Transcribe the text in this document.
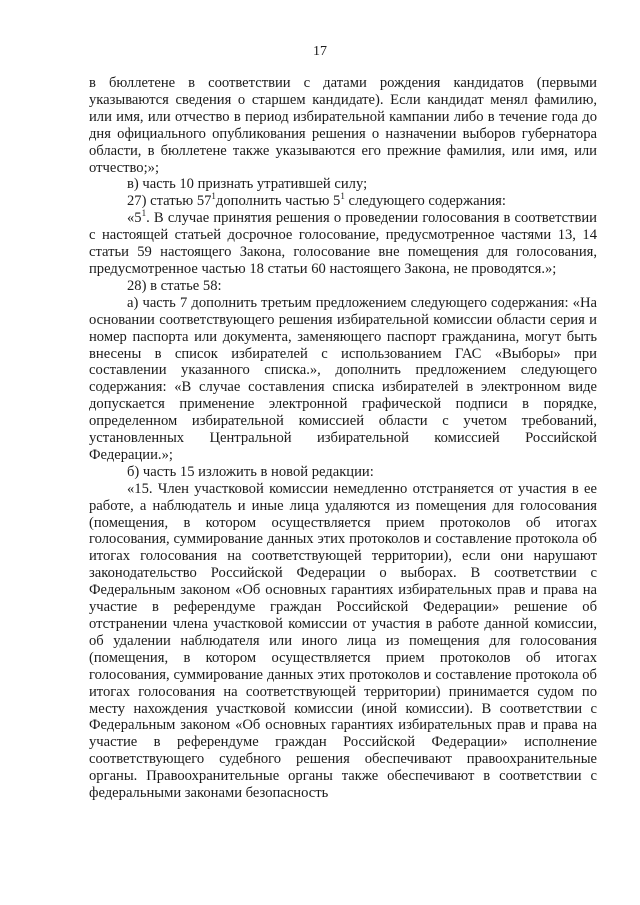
17

в бюллетене в соответствии с датами рождения кандидатов (первыми указываются сведения о старшем кандидате). Если кандидат менял фамилию, или имя, или отчество в период избирательной кампании либо в течение года до дня официального опубликования решения о назначении выборов губернатора области, в бюллетене также указываются его прежние фамилия, или имя, или отчество;»;

в) часть 10 признать утратившей силу;

27) статью $57^1дополнить$ частью $5^1$ следующего содержания:

«$5^1$. В случае принятия решения о проведении голосования в соответствии с настоящей статьей досрочное голосование, предусмотренное частями 13, 14 статьи 59 настоящего Закона, голосование вне помещения для голосования, предусмотренное частью 18 статьи 60 настоящего Закона, не проводятся.»;

28) в статье 58:

а) часть 7 дополнить третьим предложением следующего содержания: «На основании соответствующего решения избирательной комиссии области серия и номер паспорта или документа, заменяющего паспорт гражданина, могут быть внесены в список избирателей с использованием ГАС «Выборы» при составлении указанного списка.», дополнить предложением следующего содержания: «В случае составления списка избирателей в электронном виде допускается применение электронной графической подписи в порядке, определенном избирательной комиссией области с учетом требований, установленных Центральной избирательной комиссией Российской Федерации.»;

б) часть 15 изложить в новой редакции:

«15. Член участковой комиссии немедленно отстраняется от участия в ее работе, а наблюдатель и иные лица удаляются из помещения для голосования (помещения, в котором осуществляется прием протоколов об итогах голосования, суммирование данных этих протоколов и составление протокола об итогах голосования на соответствующей территории), если они нарушают законодательство Российской Федерации о выборах. В соответствии с Федеральным законом «Об основных гарантиях избирательных прав и права на участие в референдуме граждан Российской Федерации» решение об отстранении члена участковой комиссии от участия в работе данной комиссии, об удалении наблюдателя или иного лица из помещения для голосования (помещения, в котором осуществляется прием протоколов об итогах голосования, суммирование данных этих протоколов и составление протокола об итогах голосования на соответствующей территории) принимается судом по месту нахождения участковой комиссии (иной комиссии). В соответствии с Федеральным законом «Об основных гарантиях избирательных прав и права на участие в референдуме граждан Российской Федерации» исполнение соответствующего судебного решения обеспечивают правоохранительные органы. Правоохранительные органы также обеспечивают в соответствии с федеральными законами безопасность
